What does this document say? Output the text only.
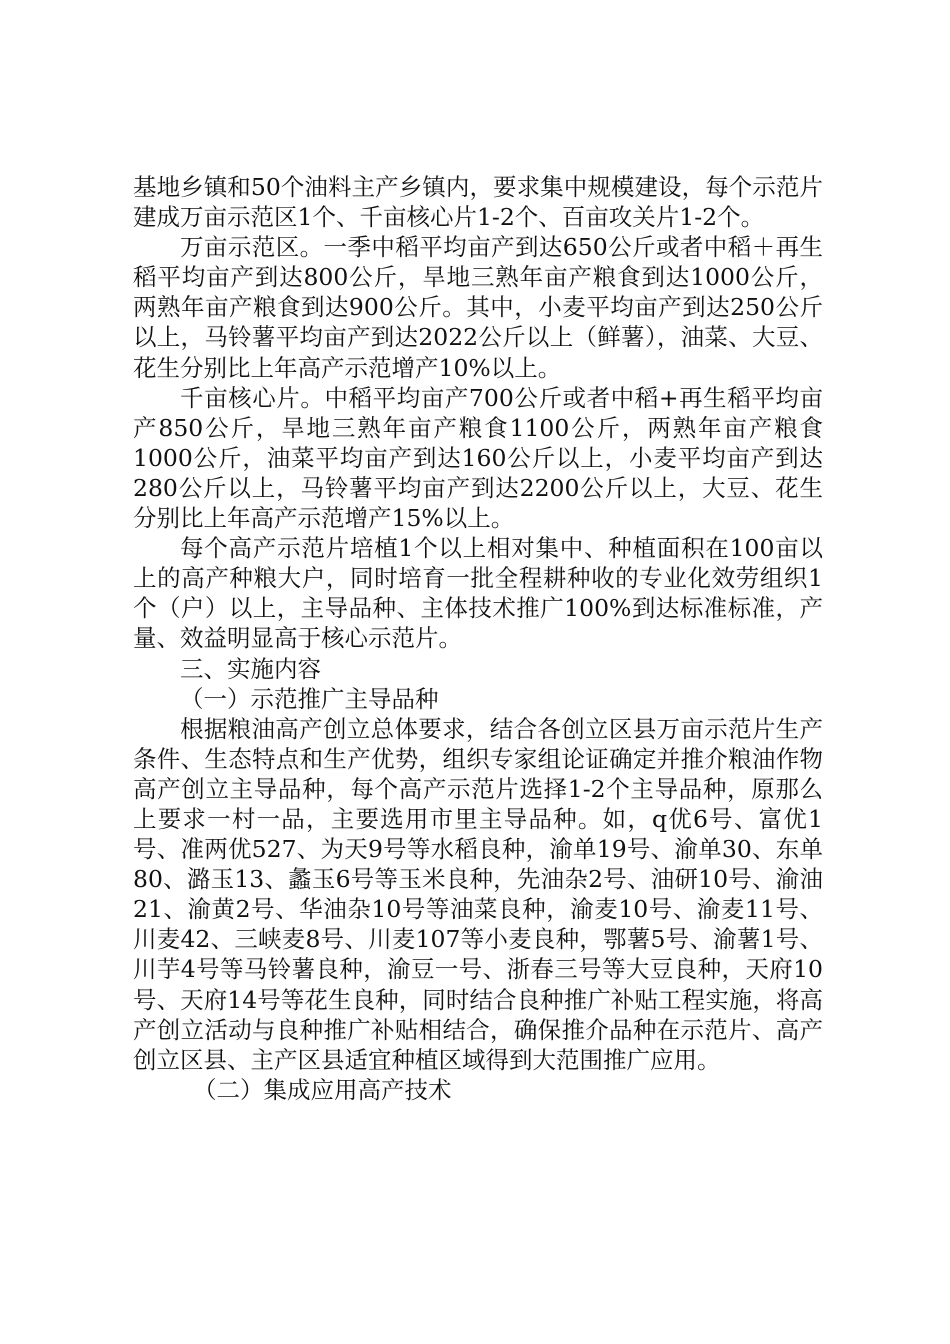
基地乡镇和50个油料主产乡镇内，要求集中规模建设，每个示范片建成万亩示范区1个、千亩核心片1-2个、百亩攻关片1-2个。

万亩示范区。一季中稻平均亩产到达650公斤或者中稻＋再生稻平均亩产到达800公斤，旱地三熟年亩产粮食到达1000公斤，两熟年亩产粮食到达900公斤。其中，小麦平均亩产到达250公斤以上，马铃薯平均亩产到达2022公斤以上（鲜薯），油菜、大豆、花生分别比上年高产示范增产10%以上。

千亩核心片。中稻平均亩产700公斤或者中稻+再生稻平均亩产850公斤，旱地三熟年亩产粮食1100公斤，两熟年亩产粮食1000公斤，油菜平均亩产到达160公斤以上，小麦平均亩产到达280公斤以上，马铃薯平均亩产到达2200公斤以上，大豆、花生分别比上年高产示范增产15%以上。

每个高产示范片培植1个以上相对集中、种植面积在100亩以上的高产种粮大户，同时培育一批全程耕种收的专业化效劳组织1个（户）以上，主导品种、主体技术推广100%到达标准标准，产量、效益明显高于核心示范片。

三、实施内容

（一）示范推广主导品种

根据粮油高产创立总体要求，结合各创立区县万亩示范片生产条件、生态特点和生产优势，组织专家组论证确定并推介粮油作物高产创立主导品种，每个高产示范片选择1-2个主导品种，原那么上要求一村一品，主要选用市里主导品种。如，q优6号、富优1号、准两优527、为天9号等水稻良种，渝单19号、渝单30、东单80、潞玉13、蠡玉6号等玉米良种，先油杂2号、油研10号、渝油21、渝黄2号、华油杂10号等油菜良种，渝麦10号、渝麦11号、川麦42、三峡麦8号、川麦107等小麦良种，鄂薯5号、渝薯1号、川芋4号等马铃薯良种，渝豆一号、浙春三号等大豆良种，天府10号、天府14号等花生良种，同时结合良种推广补贴工程实施，将高产创立活动与良种推广补贴相结合，确保推介品种在示范片、高产创立区县、主产区县适宜种植区域得到大范围推广应用。

（二）集成应用高产技术
